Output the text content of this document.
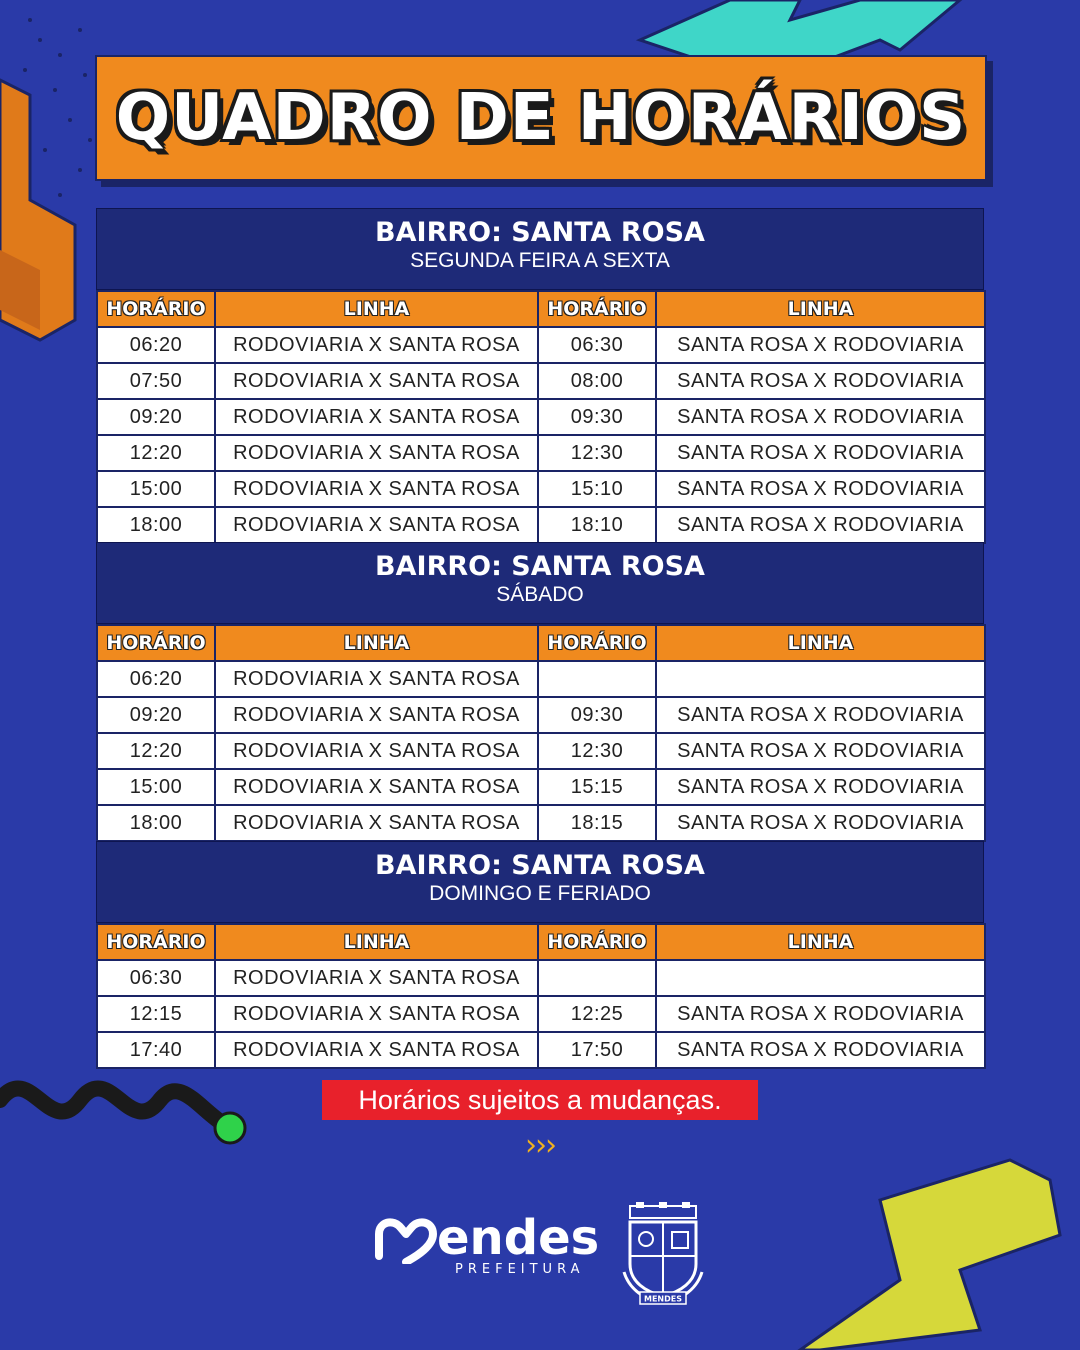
QUADRO DE HORÁRIOS
BAIRRO: SANTA ROSA
SEGUNDA FEIRA A SEXTA
HORÁRIO	LINHA	HORÁRIO	LINHA
06:20	RODOVIARIA X SANTA ROSA	06:30	SANTA ROSA X RODOVIARIA
07:50	RODOVIARIA X SANTA ROSA	08:00	SANTA ROSA X RODOVIARIA
09:20	RODOVIARIA X SANTA ROSA	09:30	SANTA ROSA X RODOVIARIA
12:20	RODOVIARIA X SANTA ROSA	12:30	SANTA ROSA X RODOVIARIA
15:00	RODOVIARIA X SANTA ROSA	15:10	SANTA ROSA X RODOVIARIA
18:00	RODOVIARIA X SANTA ROSA	18:10	SANTA ROSA X RODOVIARIA
BAIRRO: SANTA ROSA
SÁBADO
HORÁRIO	LINHA	HORÁRIO	LINHA
06:20	RODOVIARIA X SANTA ROSA		
09:20	RODOVIARIA X SANTA ROSA	09:30	SANTA ROSA X RODOVIARIA
12:20	RODOVIARIA X SANTA ROSA	12:30	SANTA ROSA X RODOVIARIA
15:00	RODOVIARIA X SANTA ROSA	15:15	SANTA ROSA X RODOVIARIA
18:00	RODOVIARIA X SANTA ROSA	18:15	SANTA ROSA X RODOVIARIA
BAIRRO: SANTA ROSA
DOMINGO E FERIADO
HORÁRIO	LINHA	HORÁRIO	LINHA
06:30	RODOVIARIA X SANTA ROSA		
12:15	RODOVIARIA X SANTA ROSA	12:25	SANTA ROSA X RODOVIARIA
17:40	RODOVIARIA X SANTA ROSA	17:50	SANTA ROSA X RODOVIARIA
Horários sujeitos a mudanças.
›››
endes
PREFEITURA
MENDES
